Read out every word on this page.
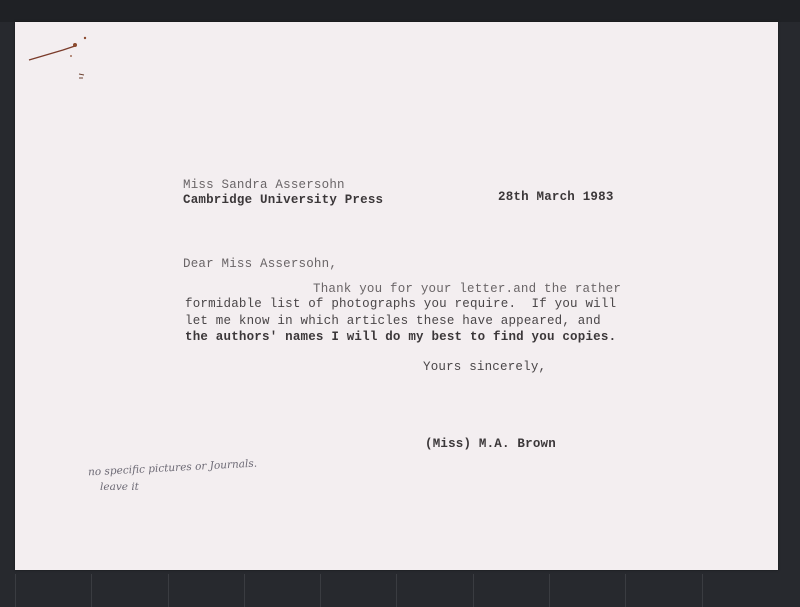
Miss Sandra Assersohn
Cambridge University Press	28th March 1983
Dear Miss Assersohn,
Thank you for your letter.and the rather
formidable list of photographs you require.  If you will
let me know in which articles these have appeared, and
the authors' names I will do my best to find you copies.
Yours sincerely,
(Miss) M.A. Brown
no specific pictures or Journals.
leave it
